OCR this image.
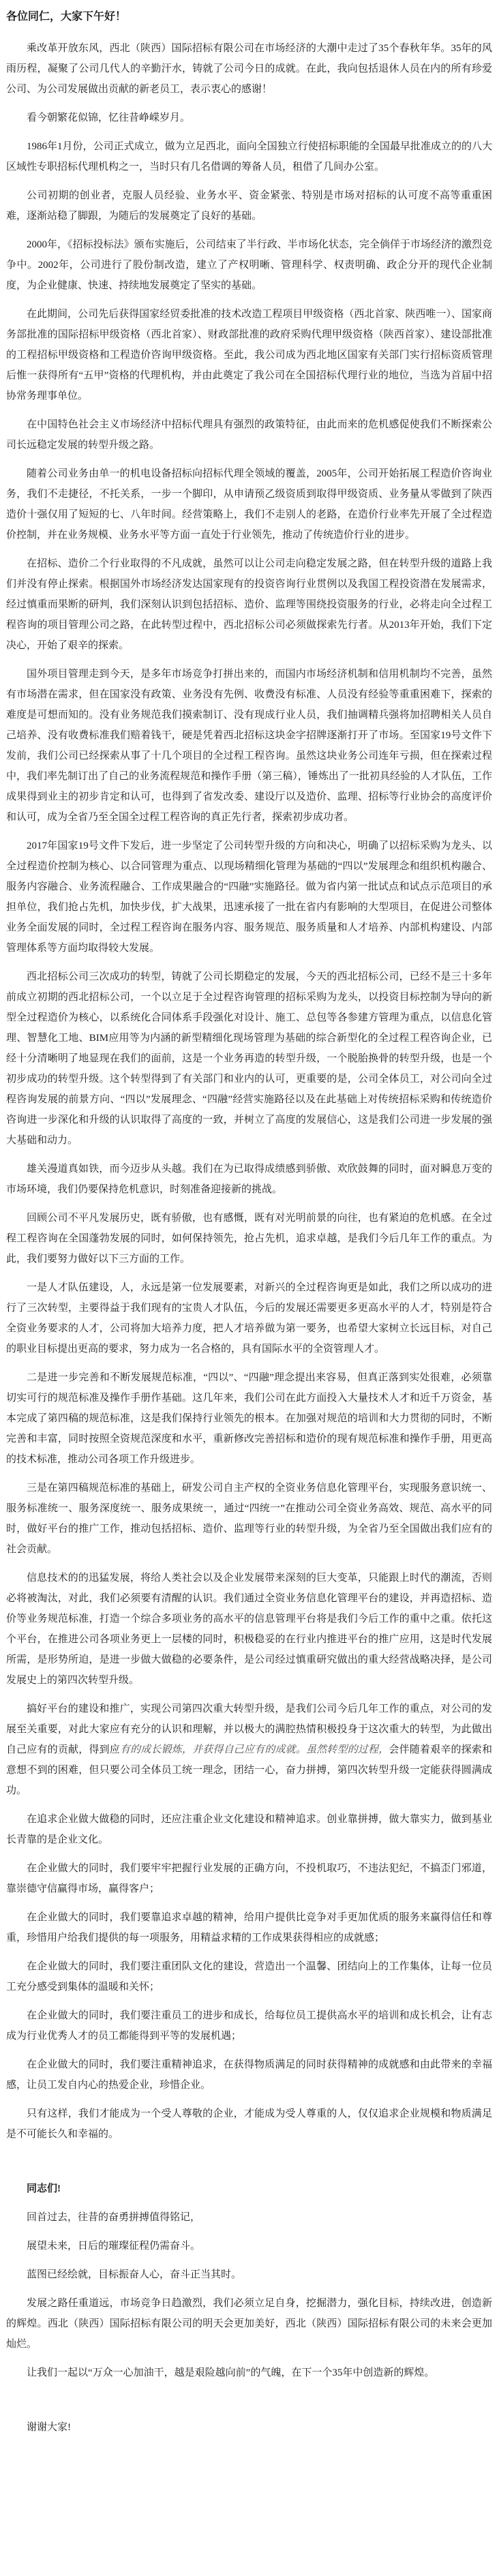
各位同仁，大家下午好！

乘改革开放东风，西北（陕西）国际招标有限公司在市场经济的大潮中走过了35个春秋年华。35年的风雨历程，凝聚了公司几代人的辛勤汗水，铸就了公司今日的成就。在此，我向包括退休人员在内的所有珍爱公司、为公司发展做出贡献的新老员工，表示衷心的感谢！

看今朝繁花似锦，忆往昔峥嵘岁月。

1986年1月份，公司正式成立，做为立足西北，面向全国独立行使招标职能的全国最早批准成立的的八大区域性专职招标代理机构之一，当时只有几名借调的筹备人员，租借了几间办公室。

公司初期的创业者，克服人员经验、业务水平、资金紧张、特别是市场对招标的认可度不高等重重困难，逐渐站稳了脚跟，为随后的发展奠定了良好的基础。

2000年，《招标投标法》颁布实施后，公司结束了半行政、半市场化状态，完全倘佯于市场经济的激烈竞争中。2002年，公司进行了股份制改造，建立了产权明晰、管理科学、权责明确、政企分开的现代企业制度，为企业健康、快速、持续地发展奠定了坚实的基础。

在此期间，公司先后获得国家经贸委批准的技术改造工程项目甲级资格（西北首家、陕西唯一）、国家商务部批准的国际招标甲级资格（西北首家）、财政部批准的政府采购代理甲级资格（陕西首家）、建设部批准的工程招标甲级资格和工程造价咨询甲级资格。至此，我公司成为西北地区国家有关部门实行招标资质管理后惟一获得所有“五甲”资格的代理机构，并由此奠定了我公司在全国招标代理行业的地位，当选为首届中招协常务理事单位。

在中国特色社会主义市场经济中招标代理具有强烈的政策特征，由此而来的危机感促使我们不断探索公司长远稳定发展的转型升级之路。

随着公司业务由单一的机电设备招标向招标代理全领域的覆盖，2005年，公司开始拓展工程造价咨询业务，我们不走捷径，不托关系，一步一个脚印，从申请预乙级资质到取得甲级资质、业务量从零做到了陕西造价十强仅用了短短的七、八年时间。经营策略上，我们不走别人的老路，在造价行业率先开展了全过程造价控制，并在业务规模、业务水平等方面一直处于行业领先，推动了传统造价行业的进步。

在招标、造价二个行业取得的不凡成就，虽然可以让公司走向稳定发展之路，但在转型升级的道路上我们并没有停止探索。根据国外市场经济发达国家现有的投资咨询行业贯例以及我国工程投资潜在发展需求，经过慎重而果断的研判，我们深刻认识到包括招标、造价、监理等围绕投资服务的行业，必将走向全过程工程咨询的项目管理公司之路，在此转型过程中，西北招标公司必须做探索先行者。从2013年开始，我们下定决心，开始了艰辛的探索。

国外项目管理走到今天，是多年市场竞争打拼出来的，而国内市场经济机制和信用机制均不完善，虽然有市场潜在需求，但在国家没有政策、业务没有先例、收费没有标准、人员没有经验等重重困难下，探索的难度是可想而知的。没有业务规范我们摸索制订、没有现成行业人员，我们抽调精兵强将加招聘相关人员自己培养、没有收费标准我们赔着钱干，硬是凭着西北招标这块金字招牌逐渐打开了市场。至国家19号文件下发前，我们公司已经探索从事了十几个项目的全过程工程咨询。虽然这块业务公司连年亏损，但在探索过程中，我们率先制订出了自己的业务流程规范和操作手册（第三稿），锤炼出了一批初具经验的人才队伍，工作成果得到业主的初步肯定和认可，也得到了省发改委、建设厅以及造价、监理、招标等行业协会的高度评价和认可，成为全省乃至全国全过程工程咨询的真正先行者，探索初步成功者。

2017年国家19号文件下发后，进一步坚定了公司转型升级的方向和决心，明确了以招标采购为龙头、以全过程造价控制为核心、以合同管理为重点、以现场精细化管理为基础的“四以”发展理念和组织机构融合、服务内容融合、业务流程融合、工作成果融合的“四融”实施路径。做为省内第一批试点和试点示范项目的承担单位，我们抢占先机，加快步伐，扩大战果，迅速承接了一批在省内有影响的大型项目，在促进公司整体业务全面发展的同时，全过程工程咨询在服务内容、服务规范、服务质量和人才培养、内部机构建设、内部管理体系等方面均取得较大发展。

西北招标公司三次成功的转型，铸就了公司长期稳定的发展，今天的西北招标公司，已经不是三十多年前成立初期的西北招标公司，一个以立足于全过程咨询管理的招标采购为龙头，以投资目标控制为导向的新型全过程造价为核心，以系统化合同体系手段强化对设计、施工、总包等各参建方管理为重点，以信息化管理、智慧化工地、BIM应用等为内涵的新型精细化现场管理为基础的综合新型化的全过程工程咨询企业，已经十分清晰明了地显现在我们的面前，这是一个业务再造的转型升级，一个脱胎换骨的转型升级，也是一个初步成功的转型升级。这个转型得到了有关部门和业内的认可，更重要的是，公司全体员工，对公司向全过程咨询发展的前景方向、“四以”发展理念、“四融”经营实施路径以及在此基础上对传统招标采购和传统造价咨询进一步深化和升级的认识取得了高度的一致，并树立了高度的发展信心，这是我们公司进一步发展的强大基础和动力。

雄关漫道真如铁，而今迈步从头越。我们在为已取得成绩感到骄傲、欢欣鼓舞的同时，面对瞬息万变的市场环境，我们仍要保持危机意识，时刻准备迎接新的挑战。

回顾公司不平凡发展历史，既有骄傲，也有感慨，既有对光明前景的向往，也有紧迫的危机感。在全过程工程咨询在全国蓬勃发展的同时，如何保持领先，抢占先机，追求卓越，是我们今后几年工作的重点。为此，我们要努力做好以下三方面的工作。

一是人才队伍建设，人，永远是第一位发展要素，对新兴的全过程咨询更是如此，我们之所以成功的进行了三次转型，主要得益于我们现有的宝贵人才队伍，今后的发展还需要更多更高水平的人才，特别是符合全资业务要求的人才，公司将加大培养力度，把人才培养做为第一要务，也希望大家树立长远目标，对自己的职业目标提出更高的要求，努力成为一名合格的，具有国际水平的全资管理人才。

二是进一步完善和不断发展规范标准，“四以”、“四融”理念提出来容易，但真正落到实处很难，必须靠切实可行的规范标准及操作手册作基础。这几年来，我们公司在此方面投入大量技术人才和近千万资金，基本完成了第四稿的规范标准，这是我们保持行业领先的根本。在加强对规范的培训和大力贯彻的同时，不断完善和丰富，同时按照全资规范深度和水平，重新修改完善招标和造价的现有规范标准和操作手册，用更高的技术标准，推动公司各项工作升级进步。

三是在第四稿规范标准的基础上，研发公司自主产权的全资业务信息化管理平台，实现服务意识统一、服务标准统一、服务深度统一、服务成果统一，通过“四统一”在推动公司全资业务高效、规范、高水平的同时，做好平台的推广工作，推动包括招标、造价、监理等行业的转型升级，为全省乃至全国做出我们应有的社会贡献。

信息技术的的迅猛发展，将给人类社会以及企业发展带来深刻的巨大变革，只能跟上时代的潮流，否则必将被淘汰，对此，我们必须要有清醒的认识。我们通过全资业务信息化管理平台的建设，并再造招标、造价等业务规范标准，打造一个综合多项业务的高水平的信息管理平台将是我们今后工作的重中之重。依托这个平台，在推进公司各项业务更上一层楼的同时，积极稳妥的在行业内推进平台的推广应用，这是时代发展所需，是形势所迫，是进一步做大做稳的必要条件，是公司经过慎重研究做出的重大经营战略决择，是公司发展史上的第四次转型升级。

搞好平台的建设和推广，实现公司第四次重大转型升级，是我们公司今后几年工作的重点，对公司的发展至关重要，对此大家应有充分的认识和理解，并以极大的满腔热情积极投身于这次重大的转型，为此做出自己应有的贡献，得到应有的成长锻炼，并获得自己应有的成就。虽然转型的过程，会伴随着艰辛的探索和意想不到的困难，但只要公司全体员工统一理念，团结一心，奋力拼搏，第四次转型升级一定能获得圆满成功。

在追求企业做大做稳的同时，还应注重企业文化建设和精神追求。创业靠拼搏，做大靠实力，做到基业长青靠的是企业文化。

在企业做大的同时，我们要牢牢把握行业发展的正确方向，不投机取巧，不违法犯纪，不搞歪门邪道，靠崇德守信赢得市场，赢得客户；

在企业做大的同时，我们要靠追求卓越的精神，给用户提供比竞争对手更加优质的服务来赢得信任和尊重，珍惜用户给我们提供的每一项服务，用精益求精的工作成果获得相应的成就感；

在企业做大的同时，我们要注重团队文化的建设，营造出一个温馨、团结向上的工作集体，让每一位员工充分感受到集体的温暖和关怀；

在企业做大的同时，我们要注重员工的进步和成长，给每位员工提供高水平的培训和成长机会，让有志成为行业优秀人才的员工都能得到平等的发展机遇；

在企业做大的同时，我们要注重精神追求，在获得物质满足的同时获得精神的成就感和由此带来的幸福感，让员工发自内心的热爱企业，珍惜企业。

只有这样，我们才能成为一个受人尊敬的企业，才能成为受人尊重的人，仅仅追求企业规模和物质满足是不可能长久和幸福的。

同志们!

回首过去，往昔的奋勇拼搏值得铭记，

展望未来，日后的璀璨征程仍需奋斗。

蓝图已经绘就，目标振奋人心，奋斗正当其时。

发展之路任重道远，市场竞争日趋激烈，我们必须立足自身，挖掘潜力，强化目标，持续改进，创造新的辉煌。西北（陕西）国际招标有限公司的明天会更加美好，西北（陕西）国际招标有限公司的未来会更加灿烂。

让我们一起以“万众一心加油干，越是艰险越向前”的气魄，在下一个35年中创造新的辉煌。

谢谢大家!
